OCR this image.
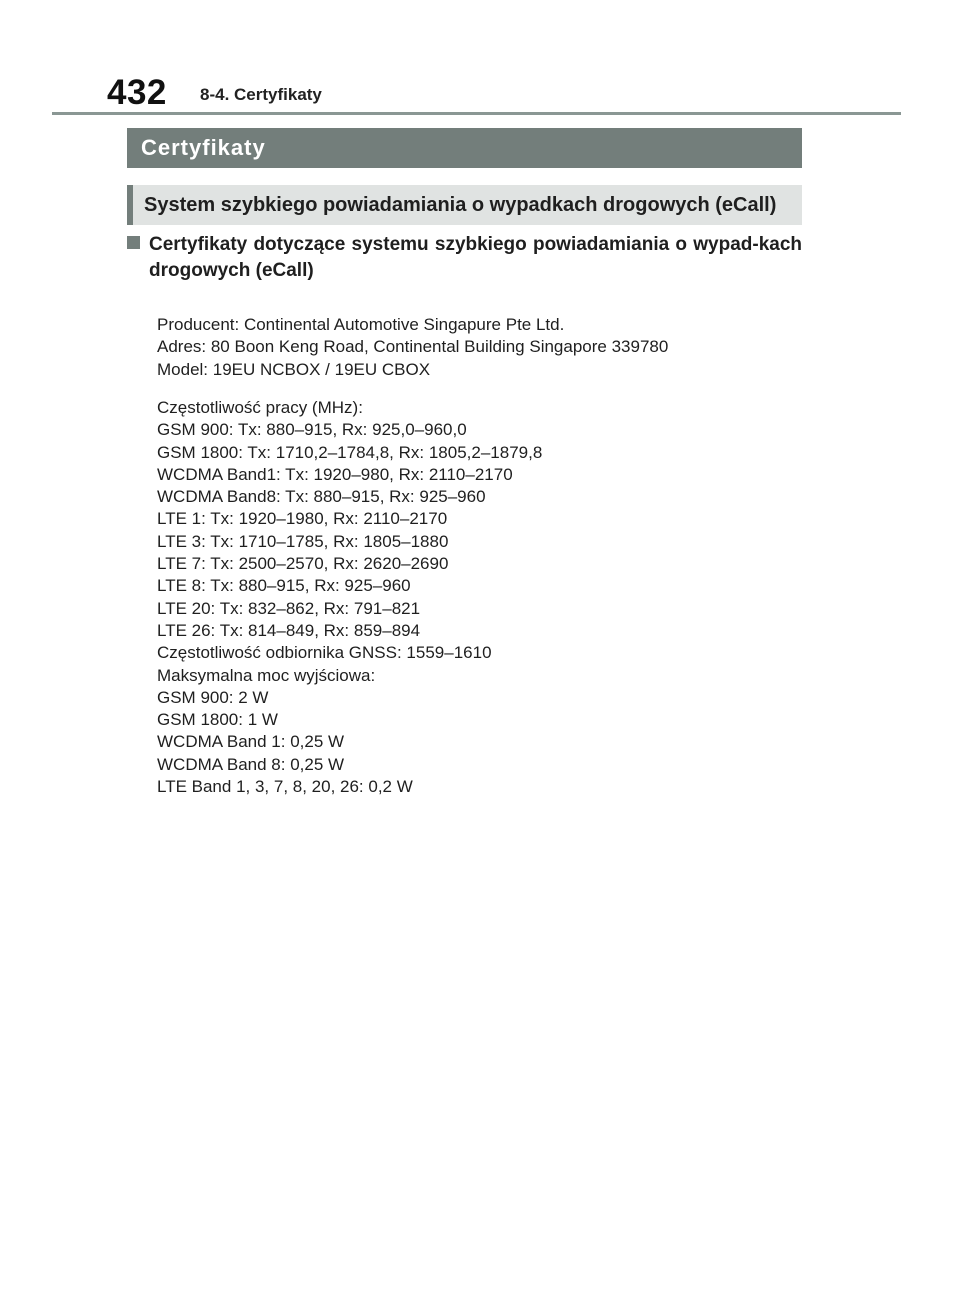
432 8-4. Certyfikaty
Certyfikaty
System szybkiego powiadamiania o wypadkach drogowych (eCall)

Certyfikaty dotyczące systemu szybkiego powiadamiania o wypad-kach drogowych (eCall)

Producent: Continental Automotive Singapure Pte Ltd.

Adres: 80 Boon Keng Road, Continental Building Singapore 339780

Model: 19EU NCBOX / 19EU CBOX

Częstotliwość pracy (MHz):

GSM 900: Tx: 880–915, Rx: 925,0–960,0

GSM 1800: Tx: 1710,2–1784,8, Rx: 1805,2–1879,8

WCDMA Band1: Tx: 1920–980, Rx: 2110–2170

WCDMA Band8: Tx: 880–915, Rx: 925–960

LTE 1: Tx: 1920–1980, Rx: 2110–2170

LTE 3: Tx: 1710–1785, Rx: 1805–1880

LTE 7: Tx: 2500–2570, Rx: 2620–2690

LTE 8: Tx: 880–915, Rx: 925–960

LTE 20: Tx: 832–862, Rx: 791–821

LTE 26: Tx: 814–849, Rx: 859–894

Częstotliwość odbiornika GNSS: 1559–1610

Maksymalna moc wyjściowa:

GSM 900: 2 W

GSM 1800: 1 W

WCDMA Band 1: 0,25 W

WCDMA Band 8: 0,25 W

LTE Band 1, 3, 7, 8, 20, 26: 0,2 W
